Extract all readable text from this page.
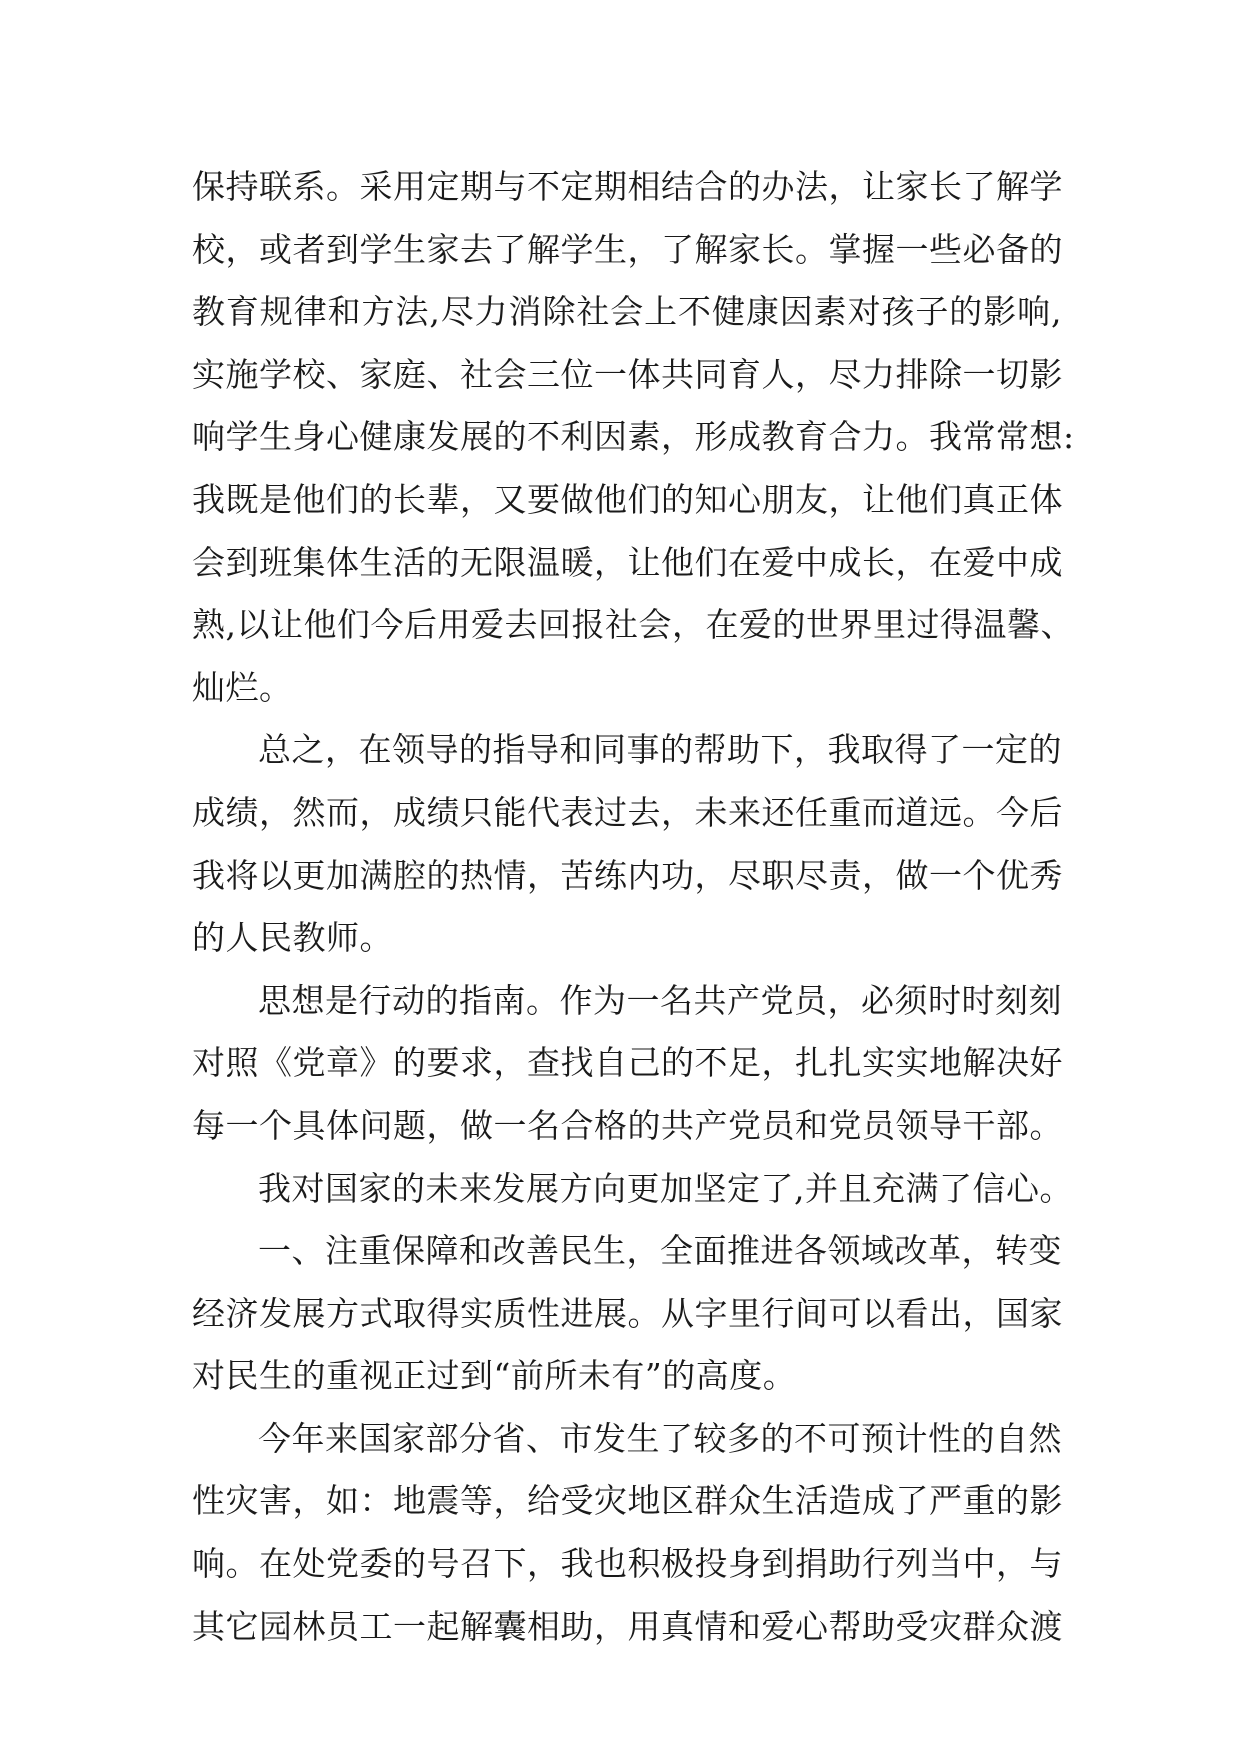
保持联系。采用定期与不定期相结合的办法，让家长了解学
校，或者到学生家去了解学生，了解家长。掌握一些必备的
教育规律和方法,尽力消除社会上不健康因素对孩子的影响,
实施学校、家庭、社会三位一体共同育人，尽力排除一切影
响学生身心健康发展的不利因素，形成教育合力。我常常想:
我既是他们的长辈，又要做他们的知心朋友，让他们真正体
会到班集体生活的无限温暖，让他们在爱中成长，在爱中成
熟,以让他们今后用爱去回报社会，在爱的世界里过得温馨、
灿烂。
总之，在领导的指导和同事的帮助下，我取得了一定的
成绩，然而，成绩只能代表过去，未来还任重而道远。今后
我将以更加满腔的热情，苦练内功，尽职尽责，做一个优秀
的人民教师。
思想是行动的指南。作为一名共产党员，必须时时刻刻
对照《党章》的要求，查找自己的不足，扎扎实实地解决好
每一个具体问题，做一名合格的共产党员和党员领导干部。
我对国家的未来发展方向更加坚定了,并且充满了信心。
一、注重保障和改善民生，全面推进各领域改革，转变
经济发展方式取得实质性进展。从字里行间可以看出，国家
对民生的重视正过到“前所未有”的高度。
今年来国家部分省、市发生了较多的不可预计性的自然
性灾害，如：地震等，给受灾地区群众生活造成了严重的影
响。在处党委的号召下，我也积极投身到捐助行列当中，与
其它园林员工一起解囊相助，用真情和爱心帮助受灾群众渡
